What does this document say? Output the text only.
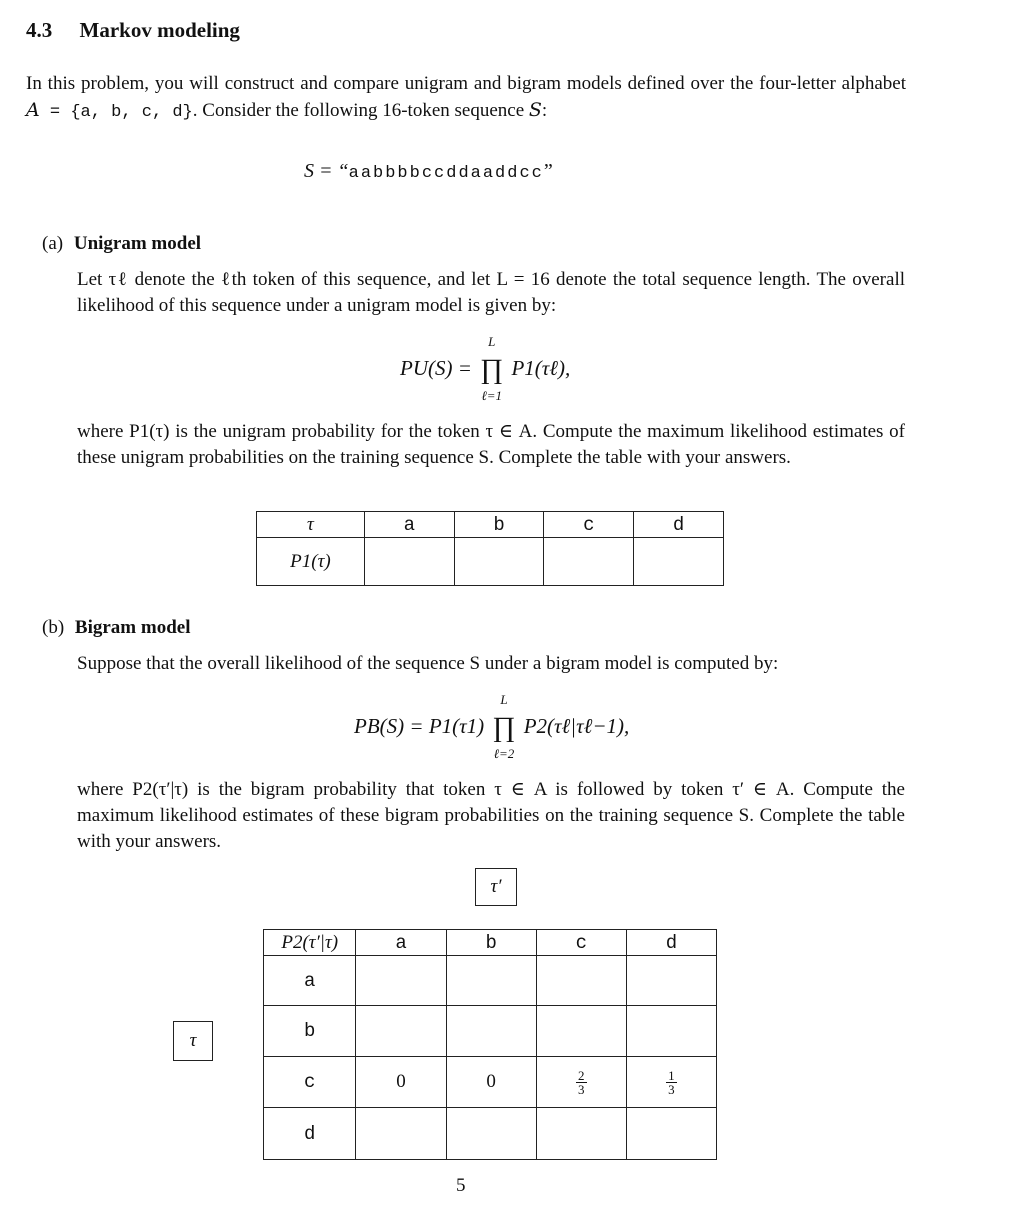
4.3 Markov modeling
In this problem, you will construct and compare unigram and bigram models defined over the four-letter alphabet A = {a, b, c, d}. Consider the following 16-token sequence S:
S = “aabbbbccddaaddcc”
(a) Unigram model
Let τℓ denote the ℓth token of this sequence, and let L = 16 denote the total sequence length. The overall likelihood of this sequence under a unigram model is given by:
PU(S) =
L
∏
ℓ=1
P1(τℓ),
where P1(τ) is the unigram probability for the token τ ∈ A. Compute the maximum likelihood estimates of these unigram probabilities on the training sequence S. Complete the table with your answers.
τ	a	b	c	d
P1(τ)				
(b) Bigram model
Suppose that the overall likelihood of the sequence S under a bigram model is computed by:
PB(S) = P1(τ1)
L
∏
ℓ=2
P2(τℓ|τℓ−1),
where P2(τ′|τ) is the bigram probability that token τ ∈ A is followed by token τ′ ∈ A. Compute the maximum likelihood estimates of these bigram probabilities on the training sequence S. Complete the table with your answers.
τ′
τ
P2(τ′|τ)	a	b	c	d
a				
b				
c	0	0	$\frac{2}{3}$	$\frac{1}{3}$

d				
5
